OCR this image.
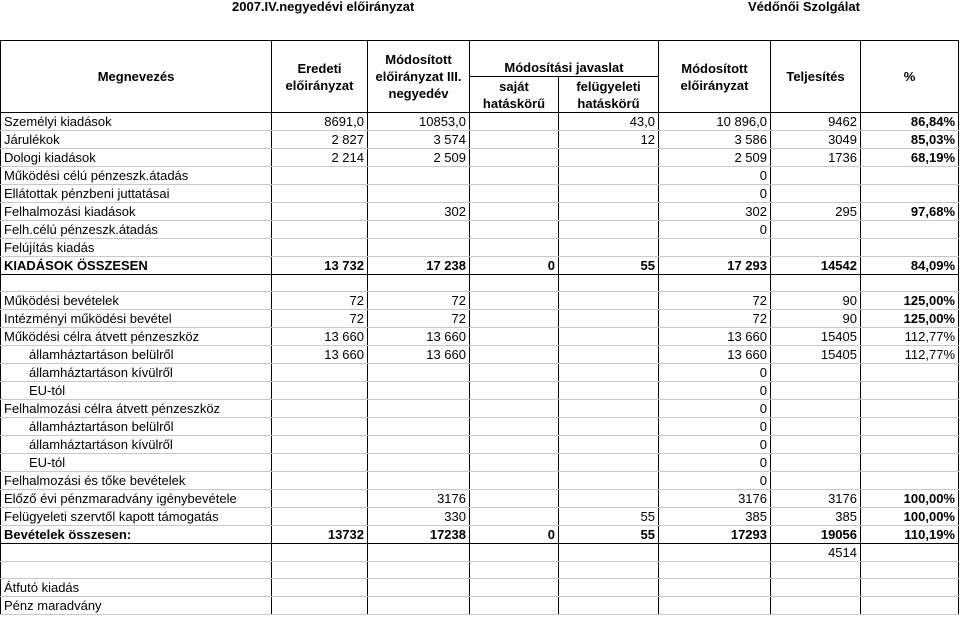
2007.IV.negyedévi előirányzat	Védőnői Szolgálat
Megnevezés	Eredeti előirányzat	Módosított előirányzat III. negyedév	Módosítási javaslat		Módosított előirányzat	Teljesítés	%
			saját hatáskörű	felügyeleti hatáskörű			
Személyi kiadások	8691,0	10853,0		43,0	10 896,0	9462	86,84%
Járulékok	2 827	3 574		12	3 586	3049	85,03%
Dologi kiadások	2 214	2 509			2 509	1736	68,19%
Működési célú pénzeszk.átadás					0		
Ellátottak pénzbeni juttatásai					0		
Felhalmozási kiadások		302			302	295	97,68%
Felh.célú pénzeszk.átadás					0		
Felújítás kiadás							
KIADÁSOK ÖSSZESEN	13 732	17 238	0	55	17 293	14542	84,09%

Működési bevételek	72	72			72	90	125,00%
Intézményi működési bevétel	72	72			72	90	125,00%
Működési célra átvett pénzeszköz	13 660	13 660			13 660	15405	112,77%
államháztartáson belülről	13 660	13 660			13 660	15405	112,77%
államháztartáson kívülről					0		
EU-tól					0		
Felhalmozási célra átvett pénzeszköz					0		
államháztartáson belülről					0		
államháztartáson kívülről					0		
EU-tól					0		
Felhalmozási és tőke bevételek					0		
Előző évi pénzmaradvány igénybevétele		3176			3176	3176	100,00%
Felügyeleti szervtől kapott támogatás		330		55	385	385	100,00%
Bevételek összesen:	13732	17238	0	55	17293	19056	110,19%
						4514	

Átfutó kiadás							
Pénz maradvány							
